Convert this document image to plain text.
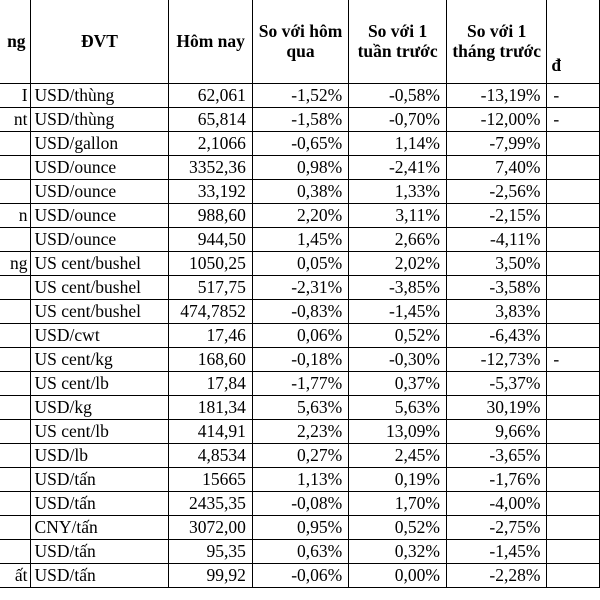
ng	ĐVT	Hôm nay	So với hôm qua	So với 1 tuần trước	So với 1 tháng trước	đ
I	USD/thùng	62,061	-1,52%	-0,58%	-13,19%	-
nt	USD/thùng	65,814	-1,58%	-0,70%	-12,00%	-
	USD/gallon	2,1066	-0,65%	1,14%	-7,99%	
	USD/ounce	3352,36	0,98%	-2,41%	7,40%	
	USD/ounce	33,192	0,38%	1,33%	-2,56%	
n	USD/ounce	988,60	2,20%	3,11%	-2,15%	
	USD/ounce	944,50	1,45%	2,66%	-4,11%	
ng	US cent/bushel	1050,25	0,05%	2,02%	3,50%	
	US cent/bushel	517,75	-2,31%	-3,85%	-3,58%	
	US cent/bushel	474,7852	-0,83%	-1,45%	3,83%	
	USD/cwt	17,46	0,06%	0,52%	-6,43%	
	US cent/kg	168,60	-0,18%	-0,30%	-12,73%	-
	US cent/lb	17,84	-1,77%	0,37%	-5,37%	
	USD/kg	181,34	5,63%	5,63%	30,19%	
	US cent/lb	414,91	2,23%	13,09%	9,66%	
	USD/lb	4,8534	0,27%	2,45%	-3,65%	
	USD/tấn	15665	1,13%	0,19%	-1,76%	
	USD/tấn	2435,35	-0,08%	1,70%	-4,00%	
	CNY/tấn	3072,00	0,95%	0,52%	-2,75%	
	USD/tấn	95,35	0,63%	0,32%	-1,45%	
ất	USD/tấn	99,92	-0,06%	0,00%	-2,28%	
